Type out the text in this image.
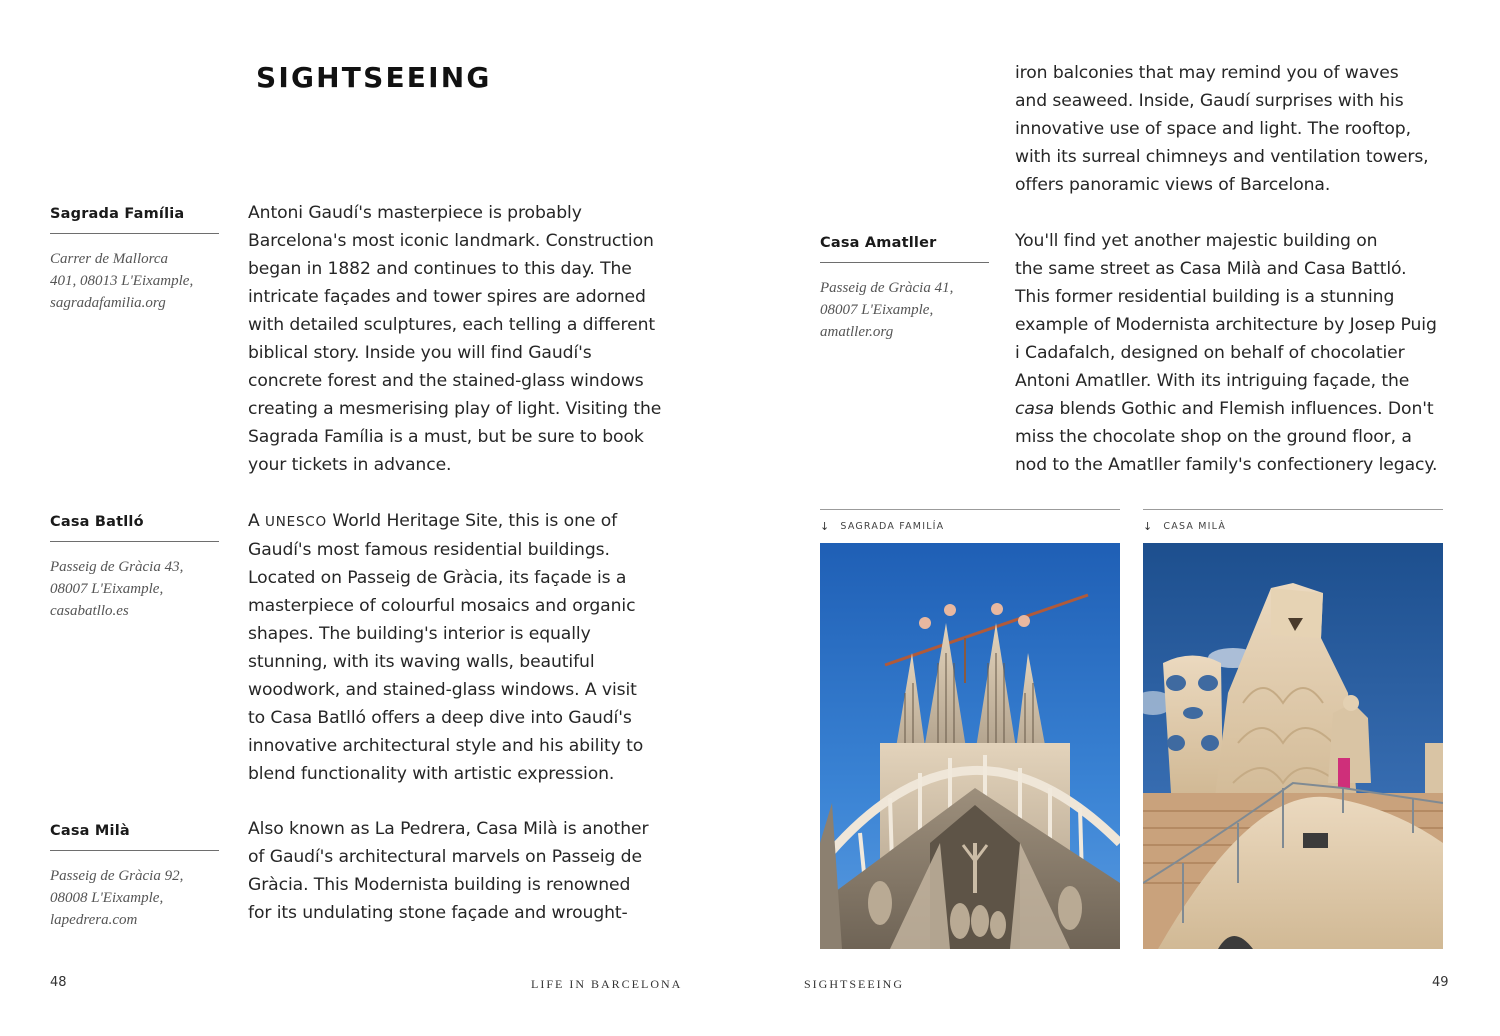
SIGHTSEEING
Sagrada Família
Carrer de Mallorca
401, 08013 L'Eixample,
sagradafamilia.org
Antoni Gaudí's masterpiece is probably
Barcelona's most iconic landmark. Construction
began in 1882 and continues to this day. The
intricate façades and tower spires are adorned
with detailed sculptures, each telling a different
biblical story. Inside you will find Gaudí's
concrete forest and the stained-glass windows
creating a mesmerising play of light. Visiting the
Sagrada Família is a must, but be sure to book
your tickets in advance.
Casa Batlló
Passeig de Gràcia 43,
08007 L'Eixample,
casabatllo.es
A UNESCO World Heritage Site, this is one of
Gaudí's most famous residential buildings.
Located on Passeig de Gràcia, its façade is a
masterpiece of colourful mosaics and organic
shapes. The building's interior is equally
stunning, with its waving walls, beautiful
woodwork, and stained-glass windows. A visit
to Casa Batlló offers a deep dive into Gaudí's
innovative architectural style and his ability to
blend functionality with artistic expression.
Casa Milà
Passeig de Gràcia 92,
08008 L'Eixample,
lapedrera.com
Also known as La Pedrera, Casa Milà is another
of Gaudí's architectural marvels on Passeig de
Gràcia. This Modernista building is renowned
for its undulating stone façade and wrought-
iron balconies that may remind you of waves
and seaweed. Inside, Gaudí surprises with his
innovative use of space and light. The rooftop,
with its surreal chimneys and ventilation towers,
offers panoramic views of Barcelona.
Casa Amatller
Passeig de Gràcia 41,
08007 L'Eixample,
amatller.org
You'll find yet another majestic building on
the same street as Casa Milà and Casa Battló.
This former residential building is a stunning
example of Modernista architecture by Josep Puig
i Cadafalch, designed on behalf of chocolatier
Antoni Amatller. With its intriguing façade, the
casa blends Gothic and Flemish influences. Don't
miss the chocolate shop on the ground floor, a
nod to the Amatller family's confectionery legacy.
↓ SAGRADA FAMILÍA	↓ CASA MILÀ
48	LIFE IN BARCELONA	SIGHTSEEING	49
